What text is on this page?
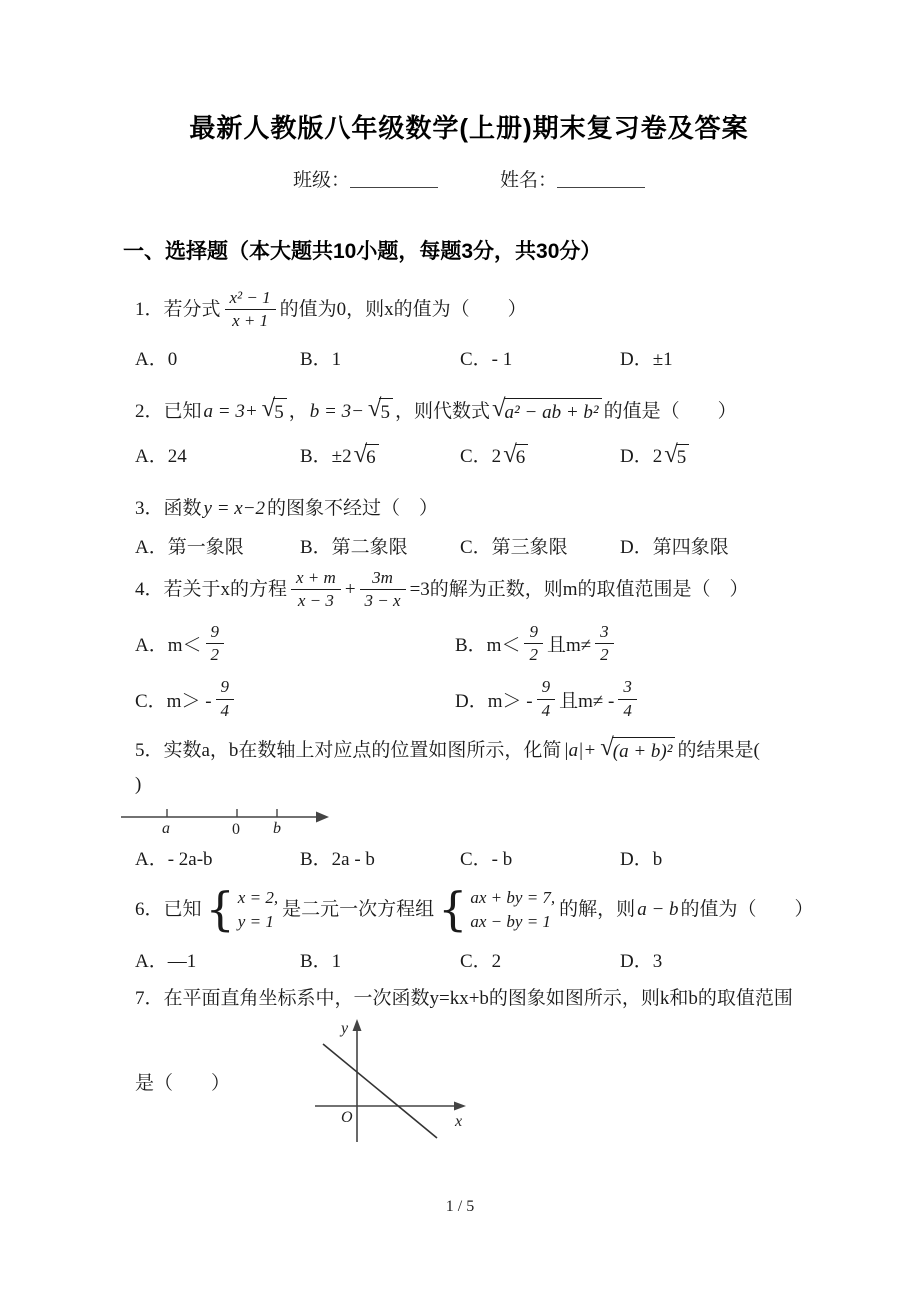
最新人教版八年级数学(上册)期末复习卷及答案
班级：	姓名：
一、选择题（本大题共10小题，每题3分，共30分）
1．若分式 $\frac{\text{x² − 1}}{x + 1}$ 的值为0，则x的值为（　　）
A．0	B．1	C．- 1	D．±1
2．已知 a = 3+ √ 5 ， b = 3− √ 5 ，则代数式 √ a² − ab + b² 的值是（　　）
A．24	B．±2 √ 6	C．2 √ 6	D．2 √ 5
3．函数 y = x−2 的图象不经过（　）
A．第一象限	B．第二象限	C．第三象限	D．第四象限
4．若关于x的方程 $\frac{x + m}{x - 3} + \frac{3m}{3 - x} =3$的解为正数，则m的取值范围是（　）
A．$m< \frac{9}{2}$	B．$m< \frac{9}{2}$ 且$m\ne \frac{3}{2}$
C．$m> - \frac{9}{4}$	D．$m> - \frac{9}{4}$ 且$m\ne - \frac{3}{4}$
5．实数a，b在数轴上对应点的位置如图所示，化简 |a|+ √ (a + b)² 的结果是(
)
a	0 b
A．- 2a-b	B．2a - b	C．- b	D．b
6．已知
{ x = 2,
y = 1
是二元一次方程组
{ ax + by = 7,
ax − by = 1
的解，则 a − b 的值为（　　）
A．—1	B．1	C．2	D．3
7．在平面直角坐标系中，一次函数y=kx+b的图象如图所示，则k和b的取值范围
是（　　）
y
x
O
1 / 5
